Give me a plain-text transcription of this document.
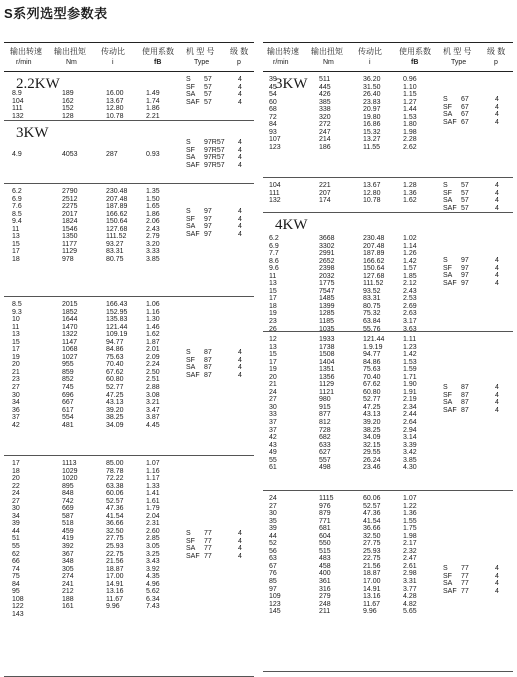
S系列选型参数表
输出转速 输出扭矩 传动比 使用系数 机 型 号 级 数
r/min	Nm	i	fB	Type	p
2.2KW
8.9	189	16.00	1.49
104	162	13.67	1.74
111	152	12.80	1.86
132	128	10.78	2.21
S 57	4
SF 57	4
SA 57	4
SAF 57	4
3KW
4.9	4053	287	0.93
S 97R57 4
SF 97R57 4
SA 97R57 4
SAF 97R57 4
6.2	2790	230.48	1.35
6.9	2512	207.48	1.50
7.6	2275	187.89	1.65
8.5	2017	166.62	1.86
9.4	1824	150.64	2.06
11	1546	127.68	2.43
13	1350	111.52	2.79
15	1177	93.27	3.20
17	1129	83.31	3.33
18	978	80.75	3.85
S 97	4
SF 97	4
SA 97	4
SAF 97	4
8.5	2015	166.43	1.06
9.3	1852	152.95	1.16
10	1644	135.83	1.30
11	1470	121.44	1.46
13	1322	109.19	1.62
15	1147	94.77	1.87
17	1068	84.86	2.01
19	1027	75.63	2.09
20	955	70.40	2.24
21	859	67.62	2.50
23	852	60.80	2.51
27	745	52.77	2.88
30	696	47.25	3.08
34	667	43.13	3.21
36	617	39.20	3.47
37	554	38.25	3.87
42	481	34.09	4.45
S 87	4
SF 87	4
SA 87	4
SAF 87	4
17	1113	85.00	1.07
18	1029	78.78	1.16
20	1020	72.22	1.17
22	895	63.38	1.33
24	848	60.06	1.41
27	742	52.57	1.61
30	669	47.36	1.79
34	587	41.54	2.04
39	518	36.66	2.31
44	459	32.50	2.60
51	419	27.75	2.85
55	392	25.93	3.05
62	367	22.75	3.25
66	348	21.56	3.43
74	305	18.87	3.92
75	274	17.00	4.35
84	241	14.91	4.96
95	212	13.16	5.62
108	188	11.67	6.34
122	161	9.96	7.43
143
S 77	4
SF 77	4
SA 77	4
SAF 77	4
输出转速 输出扭矩 传动比 使用系数 机 型 号 级 数
r/min	Nm	i	fB	Type	p
3KW
39	511	36.20	0.96
45	445	31.50	1.10
54	426	26.40	1.15
60	385	23.83	1.27
68	338	20.97	1.44
72	320	19.80	1.53
84	272	16.86	1.80
93	247	15.32	1.98
107	214	13.27	2.28
123	186	11.55	2.62
S 67	4
SF 67	4
SA 67	4
SAF 67	4
104	221	13.67	1.28
111	207	12.80	1.36
132	174	10.78	1.62
S 57	4
SF 57	4
SA 57	4
SAF 57	4
4KW
6.2	3668	230.48	1.02
6.9	3302	207.48	1.14
7.7	2991	187.89	1.26
8.6	2652	166.62	1.42
9.6	2398	150.64	1.57
11	2032	127.68	1.85
13	1775	111.52	2.12
15	7547	93.52	2.43
17	1485	83.31	2.53
18	1399	80.75	2.69
19	1285	75.32	2.63
23	1185	63.84	3.17
26	1035	55.76	3.63
S 97	4
SF 97	4
SA 97	4
SAF 97	4
12	1933	121.44	1.11
13	1738	1.9.19	1.23
15	1508	94.77	1.42
17	1404	84.86	1.53
19	1351	75.63	1.59
20	1356	70.40	1.71
21	1129	67.62	1.90
24	1121	60.80	1.91
27	980	52.77	2.19
30	915	47.25	2.34
33	877	43.13	2.44
37	812	39.20	2.64
37	728	38.25	2.94
42	682	34.09	3.14
43	633	32.15	3.39
49	627	29.55	3.42
55	557	26.24	3.85
61	498	23.46	4.30
S 87	4
SF 87	4
SA 87	4
SAF 87	4
24	1115	60.06	1.07
27	976	52.57	1.22
30	879	47.36	1.36
35	771	41.54	1.55
39	681	36.66	1.75
44	604	32.50	1.98
52	550	27.75	2.17
56	515	25.93	2.32
63	483	22.75	2.47
67	458	21.56	2.61
76	400	18.87	2.98
85	361	17.00	3.31
97	316	14.91	3.77
109	279	13.16	4.28
123	248	11.67	4.82
145	211	9.96	5.65
S 77	4
SF 77	4
SA 77	4
SAF 77	4
